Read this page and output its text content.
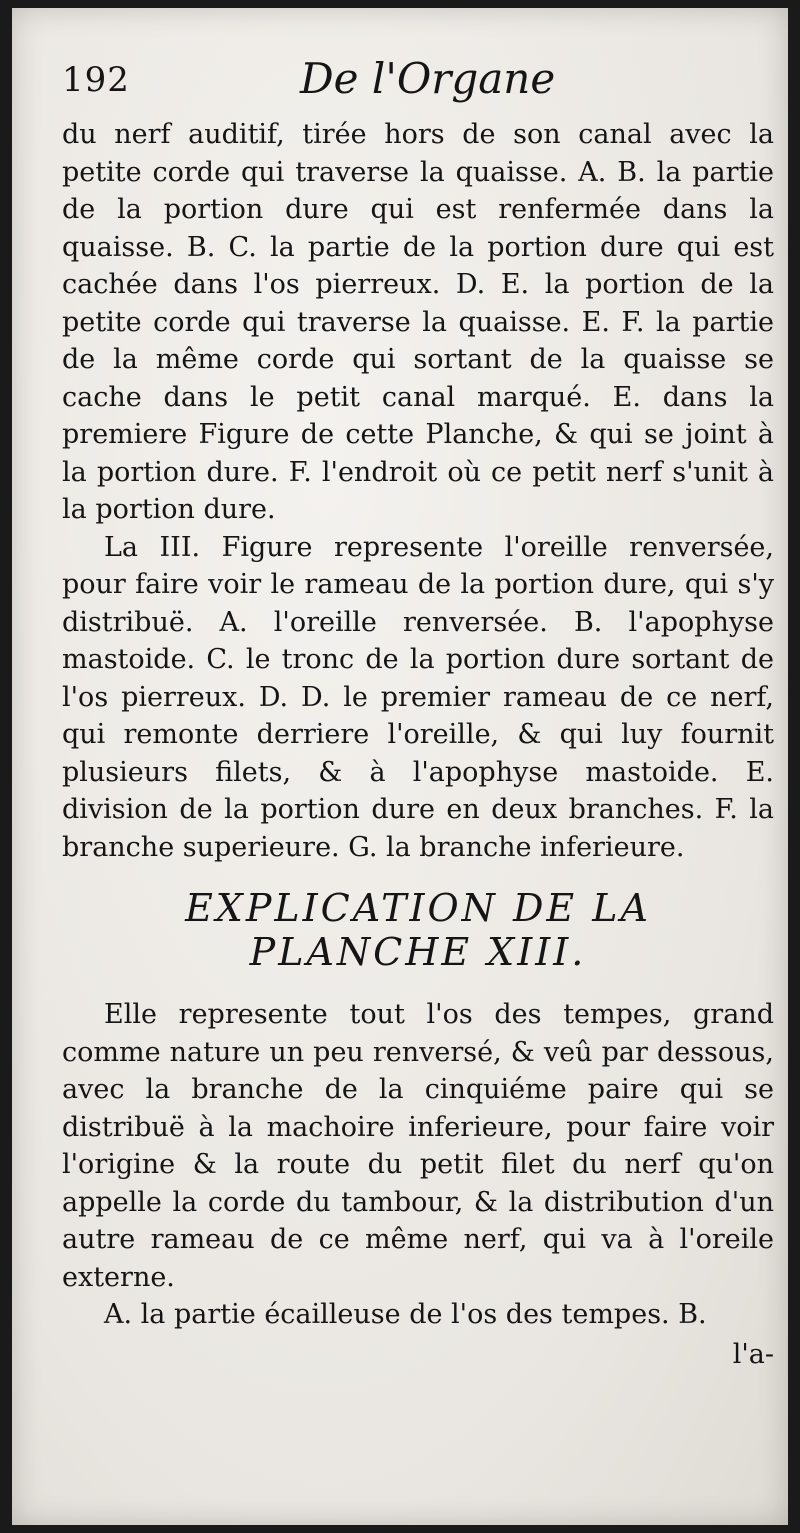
192	De l'Organe

du nerf auditif, tirée hors de son canal avec la petite corde qui traverse la quaisse. A. B. la partie de la portion dure qui est renfermée dans la quaisse. B. C. la partie de la portion dure qui est cachée dans l'os pierreux. D. E. la portion de la petite corde qui traverse la quaisse. E. F. la partie de la même corde qui sortant de la quaisse se cache dans le petit canal marqué. E. dans la premiere Figure de cette Planche, & qui se joint à la portion dure. F. l'endroit où ce petit nerf s'unit à la portion dure.

La III. Figure represente l'oreille renversée, pour faire voir le rameau de la portion dure, qui s'y distribuë. A. l'oreille renversée. B. l'apophyse mastoide. C. le tronc de la portion dure sortant de l'os pierreux. D. D. le premier rameau de ce nerf, qui remonte derriere l'oreille, & qui luy fournit plusieurs filets, & à l'apophyse mastoide. E. division de la portion dure en deux branches. F. la branche superieure. G. la branche inferieure.

EXPLICATION DE LA
PLANCHE XIII.

Elle represente tout l'os des tempes, grand comme nature un peu renversé, & veû par dessous, avec la branche de la cinquiéme paire qui se distribuë à la machoire inferieure, pour faire voir l'origine & la route du petit filet du nerf qu'on appelle la corde du tambour, & la distribution d'un autre rameau de ce même nerf, qui va à l'oreile externe.

A. la partie écailleuse de l'os des tempes. B.

l'a-
